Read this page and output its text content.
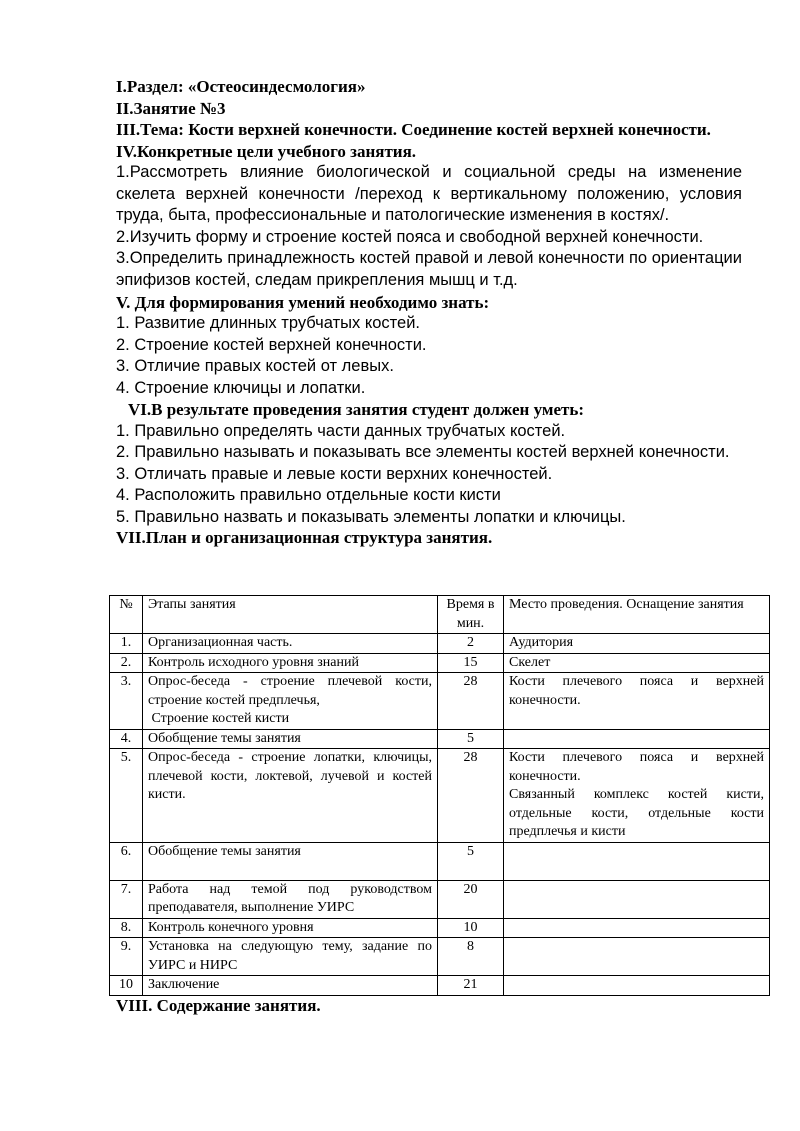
I.Раздел: «Остеосиндесмология»

II.Занятие №3

III.Тема: Кости верхней конечности. Соединение костей верхней конечности.

IV.Конкретные цели учебного занятия.

1.Рассмотреть влияние биологической и социальной среды на изменение скелета верхней конечности /переход к вертикальному положению, условия труда, быта, профессиональные и патологические изменения в костях/.

2.Изучить форму и строение костей пояса и свободной верхней конечности.

3.Определить принадлежность костей правой и левой конечности по ориентации эпифизов костей, следам прикрепления мышц и т.д.

V. Для формирования умений необходимо знать:

1. Развитие длинных трубчатых костей.

2. Строение костей верхней конечности.

3. Отличие правых костей от левых.

4. Строение ключицы и лопатки.

VI.В результате проведения занятия студент должен уметь:

1. Правильно определять части данных трубчатых костей.

2. Правильно называть и показывать все элементы костей верхней конечности.

3. Отличать правые и левые кости верхних конечностей.

4. Расположить правильно отдельные кости кисти

5. Правильно назвать и показывать элементы лопатки и ключицы.

VII.План и организационная структура занятия.

№	Этапы занятия	Время в мин.	Место проведения. Оснащение занятия
1.	Организационная часть.	2	Аудитория
2.	Контроль исходного уровня знаний	15	Скелет
3.	Опрос-беседа - строение плечевой кости, строение костей предплечья,
Строение костей кисти	28	Кости плечевого пояса и верхней конечности.
4.	Обобщение темы занятия	5	
5.	Опрос-беседа - строение лопатки, ключицы, плечевой кости, локтевой, лучевой и костей кисти.	28	Кости плечевого пояса и верхней конечности.
Связанный комплекс костей кисти, отдельные кости, отдельные кости предплечья и кисти

6.	Обобщение темы занятия	5	
7.	Работа над темой под руководством преподавателя, выполнение УИРС	20	
8.	Контроль конечного уровня	10	
9.	Установка на следующую тему, задание по УИРС и НИРС	8	
10	Заключение	21	

VIII. Содержание занятия.
